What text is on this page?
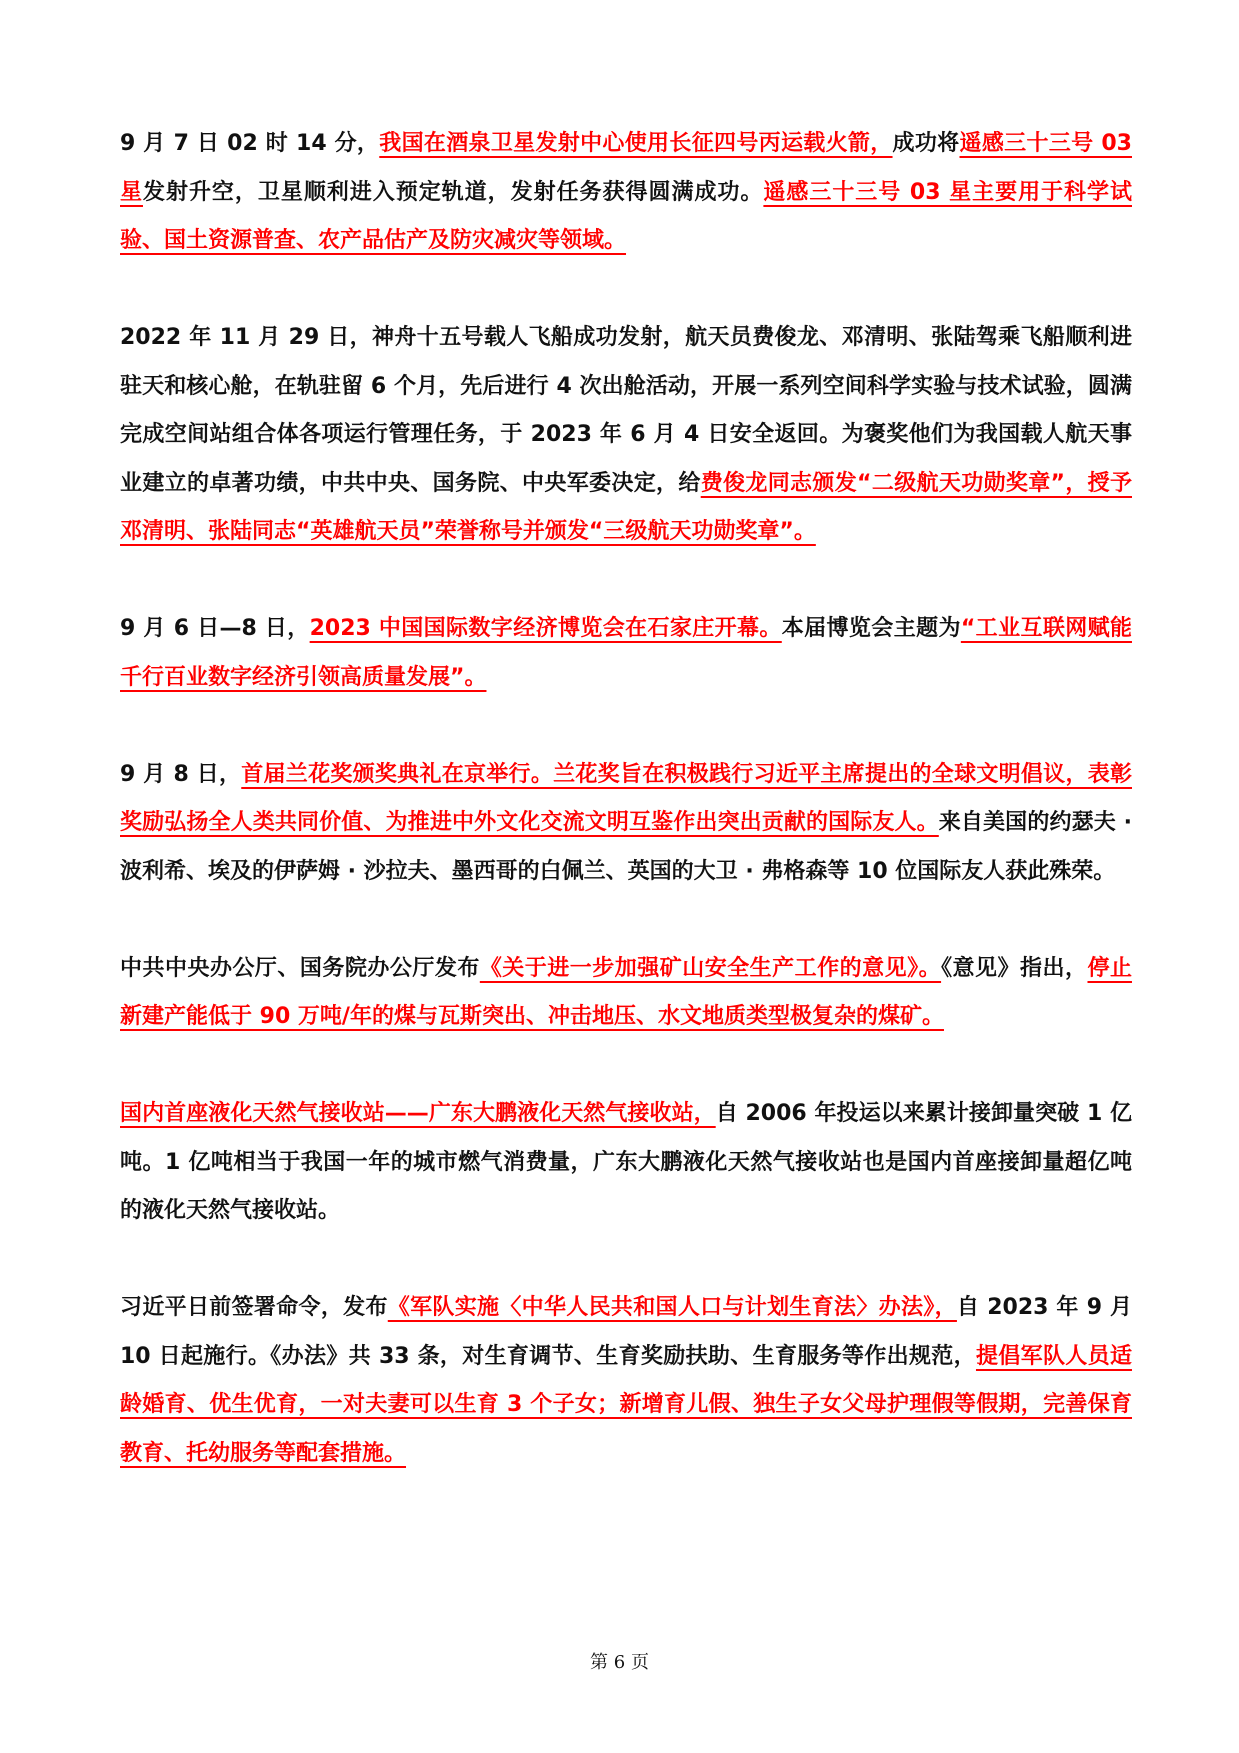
9 月 7 日 02 时 14 分，我国在酒泉卫星发射中心使用长征四号丙运载火箭，成功将遥感三十三号 03 星发射升空，卫星顺利进入预定轨道，发射任务获得圆满成功。遥感三十三号 03 星主要用于科学试验、国土资源普查、农产品估产及防灾减灾等领域。

2022 年 11 月 29 日，神舟十五号载人飞船成功发射，航天员费俊龙、邓清明、张陆驾乘飞船顺利进驻天和核心舱，在轨驻留 6 个月，先后进行 4 次出舱活动，开展一系列空间科学实验与技术试验，圆满完成空间站组合体各项运行管理任务，于 2023 年 6 月 4 日安全返回。为褒奖他们为我国载人航天事业建立的卓著功绩，中共中央、国务院、中央军委决定，给费俊龙同志颁发“二级航天功勋奖章”，授予邓清明、张陆同志“英雄航天员”荣誉称号并颁发“三级航天功勋奖章”。

9 月 6 日—8 日，2023 中国国际数字经济博览会在石家庄开幕。本届博览会主题为“工业互联网赋能千行百业数字经济引领高质量发展”。

9 月 8 日，首届兰花奖颁奖典礼在京举行。兰花奖旨在积极践行习近平主席提出的全球文明倡议，表彰奖励弘扬全人类共同价值、为推进中外文化交流文明互鉴作出突出贡献的国际友人。来自美国的约瑟夫 · 波利希、埃及的伊萨姆 · 沙拉夫、墨西哥的白佩兰、英国的大卫 · 弗格森等 10 位国际友人获此殊荣。

中共中央办公厅、国务院办公厅发布《关于进一步加强矿山安全生产工作的意见》。《意见》指出，停止新建产能低于 90 万吨/年的煤与瓦斯突出、冲击地压、水文地质类型极复杂的煤矿。

国内首座液化天然气接收站——广东大鹏液化天然气接收站，自 2006 年投运以来累计接卸量突破 1 亿吨。1 亿吨相当于我国一年的城市燃气消费量，广东大鹏液化天然气接收站也是国内首座接卸量超亿吨的液化天然气接收站。

习近平日前签署命令，发布《军队实施〈中华人民共和国人口与计划生育法〉办法》，自 2023 年 9 月 10 日起施行。《办法》共 33 条，对生育调节、生育奖励扶助、生育服务等作出规范，提倡军队人员适龄婚育、优生优育，一对夫妻可以生育 3 个子女；新增育儿假、独生子女父母护理假等假期，完善保育教育、托幼服务等配套措施。

第 6 页
